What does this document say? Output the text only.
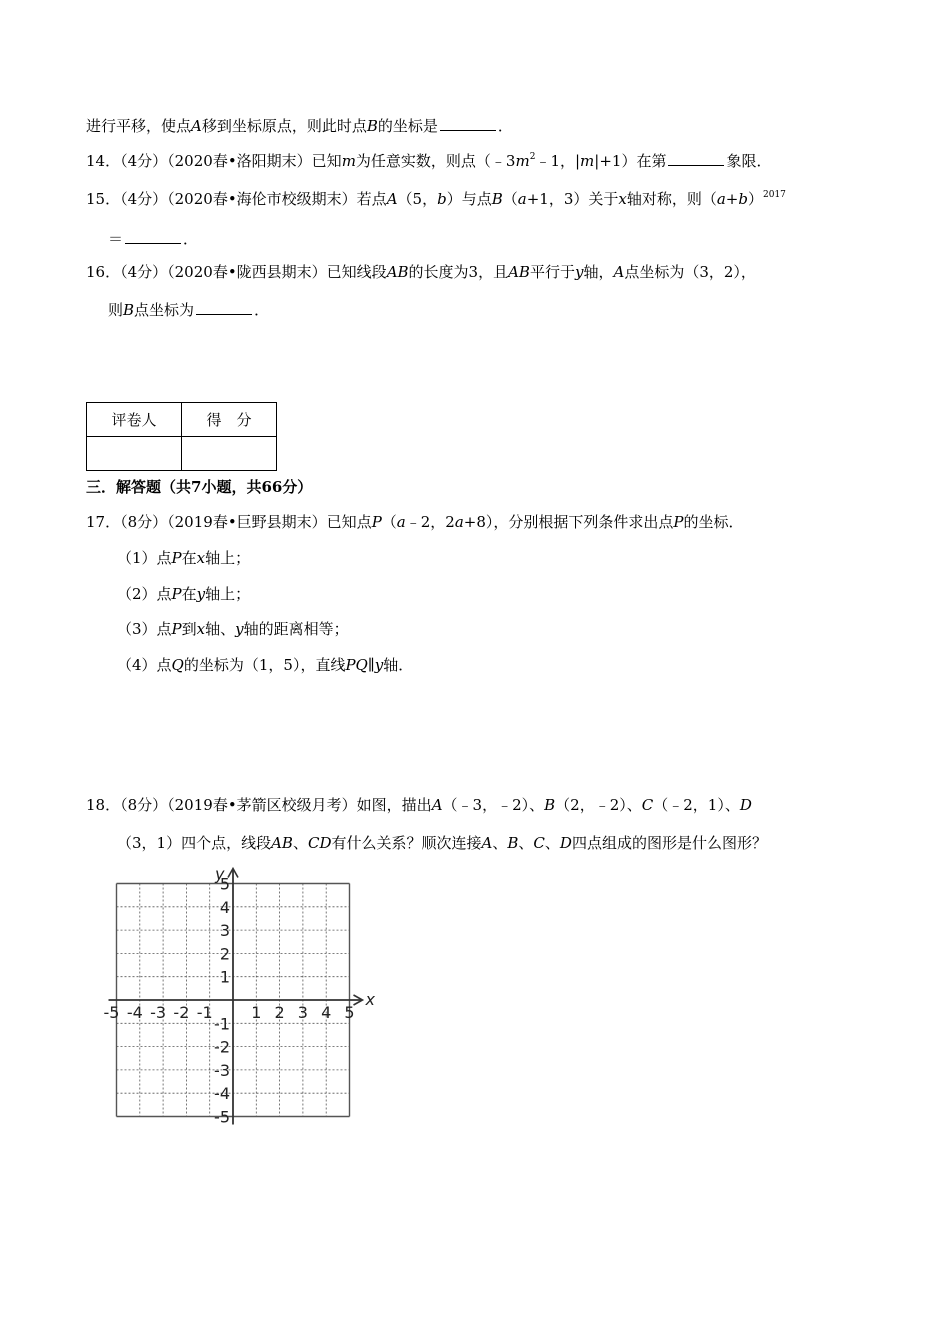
进行平移，使点A移到坐标原点，则此时点B的坐标是	．
14．（4分）（2020春•洛阳期末）已知m为任意实数，则点（$﹣3m^2﹣1$，|m|+1）在第	象限．
15．（4分）（2020春•海伦市校级期末）若点A（5，b）与点B（a+1，3）关于x轴对称，则$(a+b)^{2017}$
＝	．
16．（4分）（2020春•陇西县期末）已知线段AB的长度为3，且AB平行于y轴，A点坐标为（3，2），
则B点坐标为	．
评卷人	得　分

三．解答题（共7小题，共66分）
17．（8分）（2019春•巨野县期末）已知点P（a﹣2，2a+8），分别根据下列条件求出点P的坐标．
（1）点P在x轴上；
（2）点P在y轴上；
（3）点P到x轴、y轴的距离相等；
（4）点Q的坐标为（1，5），直线PQ∥y轴．
18．（8分）（2019春•茅箭区校级月考）如图，描出A（﹣3，﹣2）、B（2，﹣2）、C（﹣2，1）、D
（3，1）四个点，线段AB、CD有什么关系？顺次连接A、B、C、D四点组成的图形是什么图形？
x
y
-5 -4 -3 -2 -1 1 2 3 4 5
5
4
3
2
1
-1
-2
-3
-4
-5
